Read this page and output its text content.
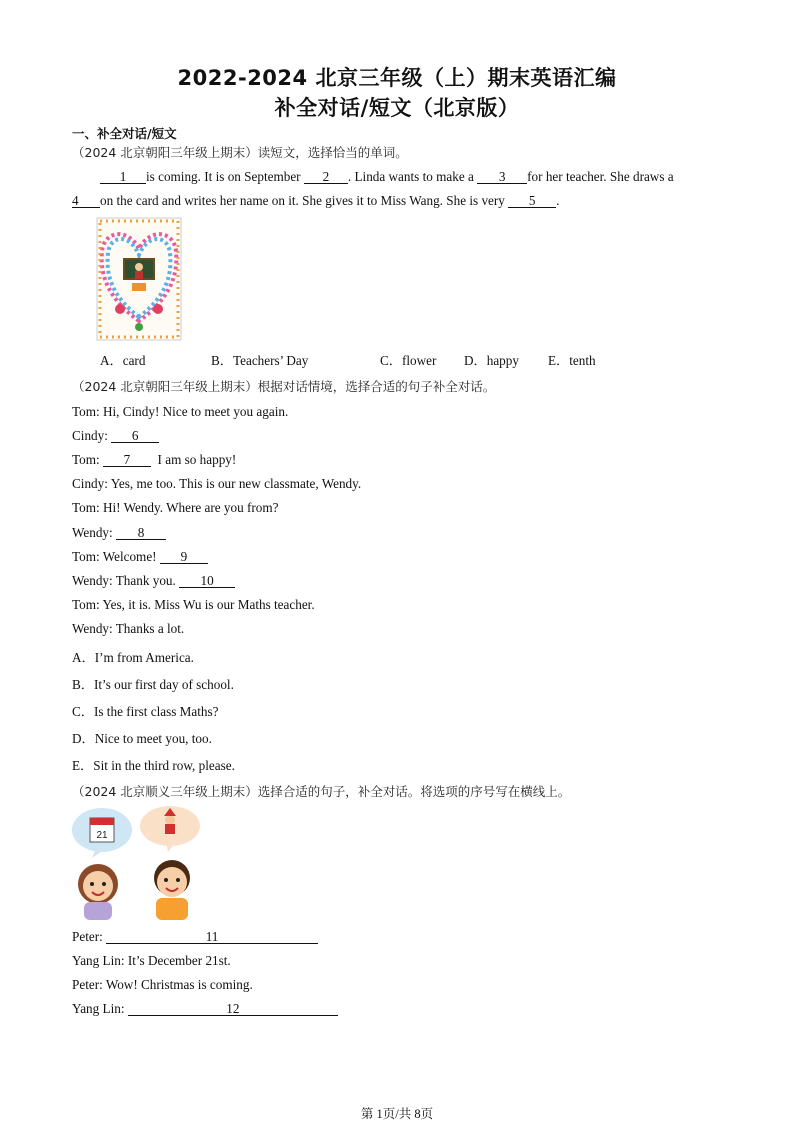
2022-2024 北京三年级（上）期末英语汇编
补全对话/短文（北京版）
一、补全对话/短文
（2024 北京朝阳三年级上期末）读短文，选择恰当的单词。
1 is coming. It is on September 2 . Linda wants to make a 3 for her teacher. She draws a
4 on the card and writes her name on it. She gives it to Miss Wang. She is very 5 .
A．card	B．Teachers’ Day	C．flower D．happy E．tenth
（2024 北京朝阳三年级上期末）根据对话情境，选择合适的句子补全对话。
Tom: Hi, Cindy! Nice to meet you again.
Cindy: 6
Tom: 7 I am so happy!
Cindy: Yes, me too. This is our new classmate, Wendy.
Tom: Hi! Wendy. Where are you from?
Wendy: 8
Tom: Welcome! 9
Wendy: Thank you. 10
Tom: Yes, it is. Miss Wu is our Maths teacher.
Wendy: Thanks a lot.
A．I’m from America.
B．It’s our first day of school.
C．Is the first class Maths?
D．Nice to meet you, too.
E．Sit in the third row, please.
（2024 北京顺义三年级上期末）选择合适的句子，补全对话。将选项的序号写在横线上。
21
Peter:	11
Yang Lin: It’s December 21st.
Peter: Wow! Christmas is coming.
Yang Lin:	12
第 1页/共 8页
